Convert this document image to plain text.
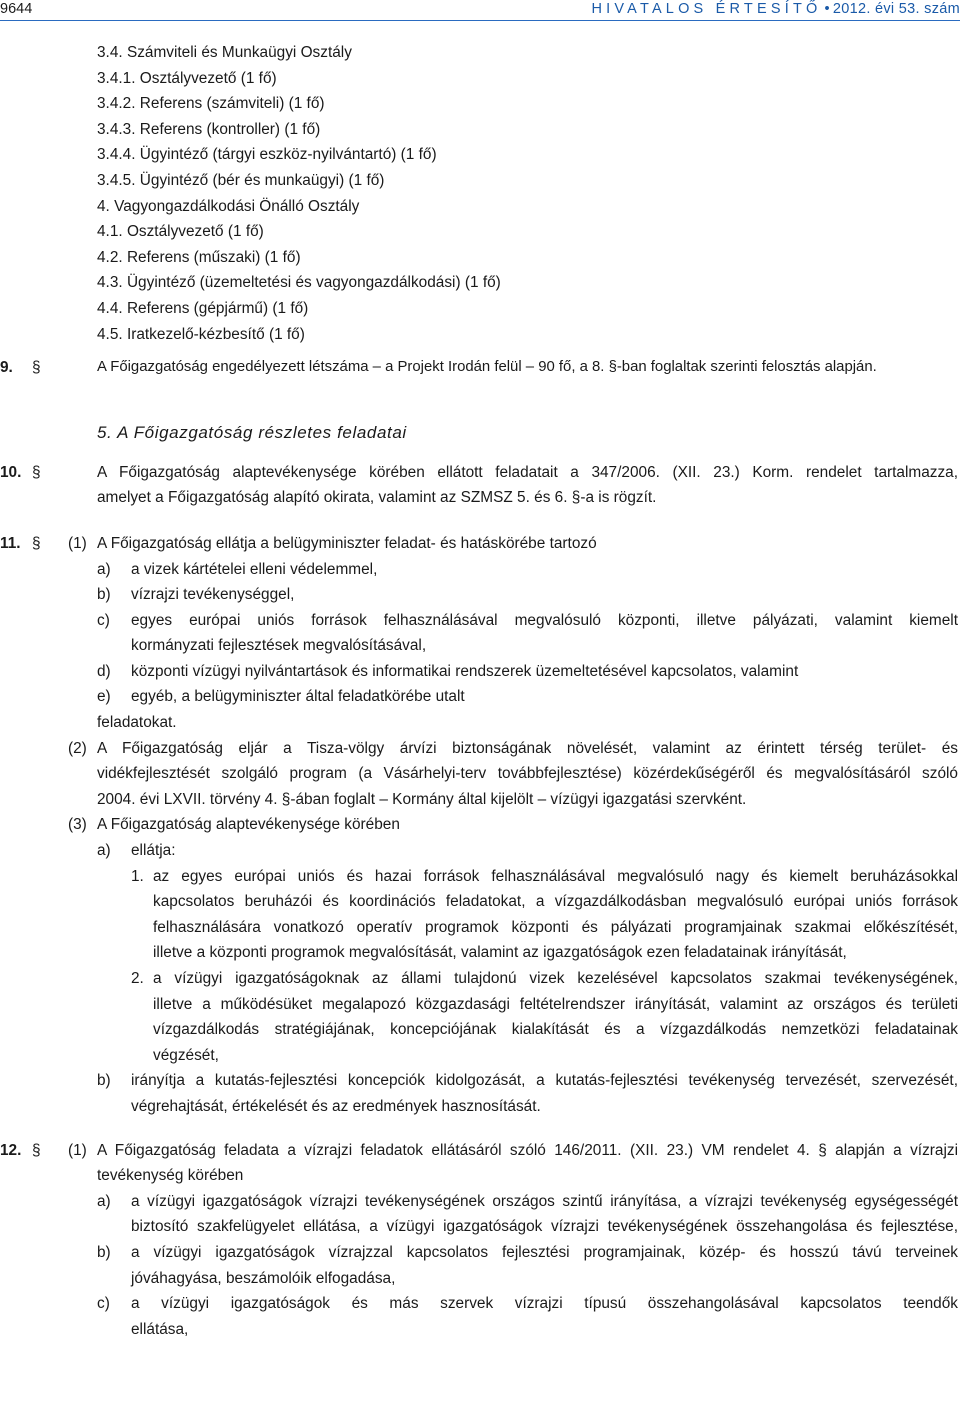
9644	HIVATALOS ÉRTESÍTŐ • 2012. évi 53. szám
3.4. Számviteli és Munkaügyi Osztály
3.4.1. Osztályvezető (1 fő)
3.4.2. Referens (számviteli) (1 fő)
3.4.3. Referens (kontroller) (1 fő)
3.4.4. Ügyintéző (tárgyi eszköz-nyilvántartó) (1 fő)
3.4.5. Ügyintéző (bér és munkaügyi) (1 fő)
4. Vagyongazdálkodási Önálló Osztály
4.1. Osztályvezető (1 fő)
4.2. Referens (műszaki) (1 fő)
4.3. Ügyintéző (üzemeltetési és vagyongazdálkodási) (1 fő)
4.4. Referens (gépjármű) (1 fő)
4.5. Iratkezelő-kézbesítő (1 fő)
9. §	A Főigazgatóság engedélyezett létszáma – a Projekt Irodán felül – 90 fő, a 8. §-ban foglaltak szerinti felosztás alapján.
5. A Főigazgatóság részletes feladatai
10. §	A Főigazgatóság alaptevékenysége körében ellátott feladatait a 347/2006. (XII. 23.) Korm. rendelet tartalmazza,
amelyet a Főigazgatóság alapító okirata, valamint az SZMSZ 5. és 6. §-a is rögzít.
11. § (1) A Főigazgatóság ellátja a belügyminiszter feladat- és hatáskörébe tartozó
a) a vizek kártételei elleni védelemmel,
b) vízrajzi tevékenységgel,
c) egyes európai uniós források felhasználásával megvalósuló központi, illetve pályázati, valamint kiemelt
kormányzati fejlesztések megvalósításával,
d) központi vízügyi nyilvántartások és informatikai rendszerek üzemeltetésével kapcsolatos, valamint
e) egyéb, a belügyminiszter által feladatkörébe utalt
feladatokat.
(2) A Főigazgatóság eljár a Tisza-völgy árvízi biztonságának növelését, valamint az érintett térség terület- és
vidékfejlesztését szolgáló program (a Vásárhelyi-terv továbbfejlesztése) közérdekűségéről és megvalósításáról szóló
2004. évi LXVII. törvény 4. §-ában foglalt – Kormány által kijelölt – vízügyi igazgatási szervként.
(3) A Főigazgatóság alaptevékenysége körében
a) ellátja:
1. az egyes európai uniós és hazai források felhasználásával megvalósuló nagy és kiemelt beruházásokkal
kapcsolatos beruházói és koordinációs feladatokat, a vízgazdálkodásban megvalósuló európai uniós források
felhasználására vonatkozó operatív programok központi és pályázati programjainak szakmai előkészítését,
illetve a központi programok megvalósítását, valamint az igazgatóságok ezen feladatainak irányítását,
2. a vízügyi igazgatóságoknak az állami tulajdonú vizek kezelésével kapcsolatos szakmai tevékenységének,
illetve a működésüket megalapozó közgazdasági feltételrendszer irányítását, valamint az országos és területi
vízgazdálkodás stratégiájának, koncepciójának kialakítását és a vízgazdálkodás nemzetközi feladatainak
végzését,
b) irányítja a kutatás-fejlesztési koncepciók kidolgozását, a kutatás-fejlesztési tevékenység tervezését, szervezését,
végrehajtását, értékelését és az eredmények hasznosítását.
12. § (1) A Főigazgatóság feladata a vízrajzi feladatok ellátásáról szóló 146/2011. (XII. 23.) VM rendelet 4. § alapján a vízrajzi
tevékenység körében
a) a vízügyi igazgatóságok vízrajzi tevékenységének országos szintű irányítása, a vízrajzi tevékenység egységességét
biztosító szakfelügyelet ellátása, a vízügyi igazgatóságok vízrajzi tevékenységének összehangolása és fejlesztése,
b) a vízügyi igazgatóságok vízrajzzal kapcsolatos fejlesztési programjainak, közép- és hosszú távú terveinek
jóváhagyása, beszámolóik elfogadása,
c) a vízügyi igazgatóságok és más szervek vízrajzi típusú összehangolásával kapcsolatos teendők
ellátása,
